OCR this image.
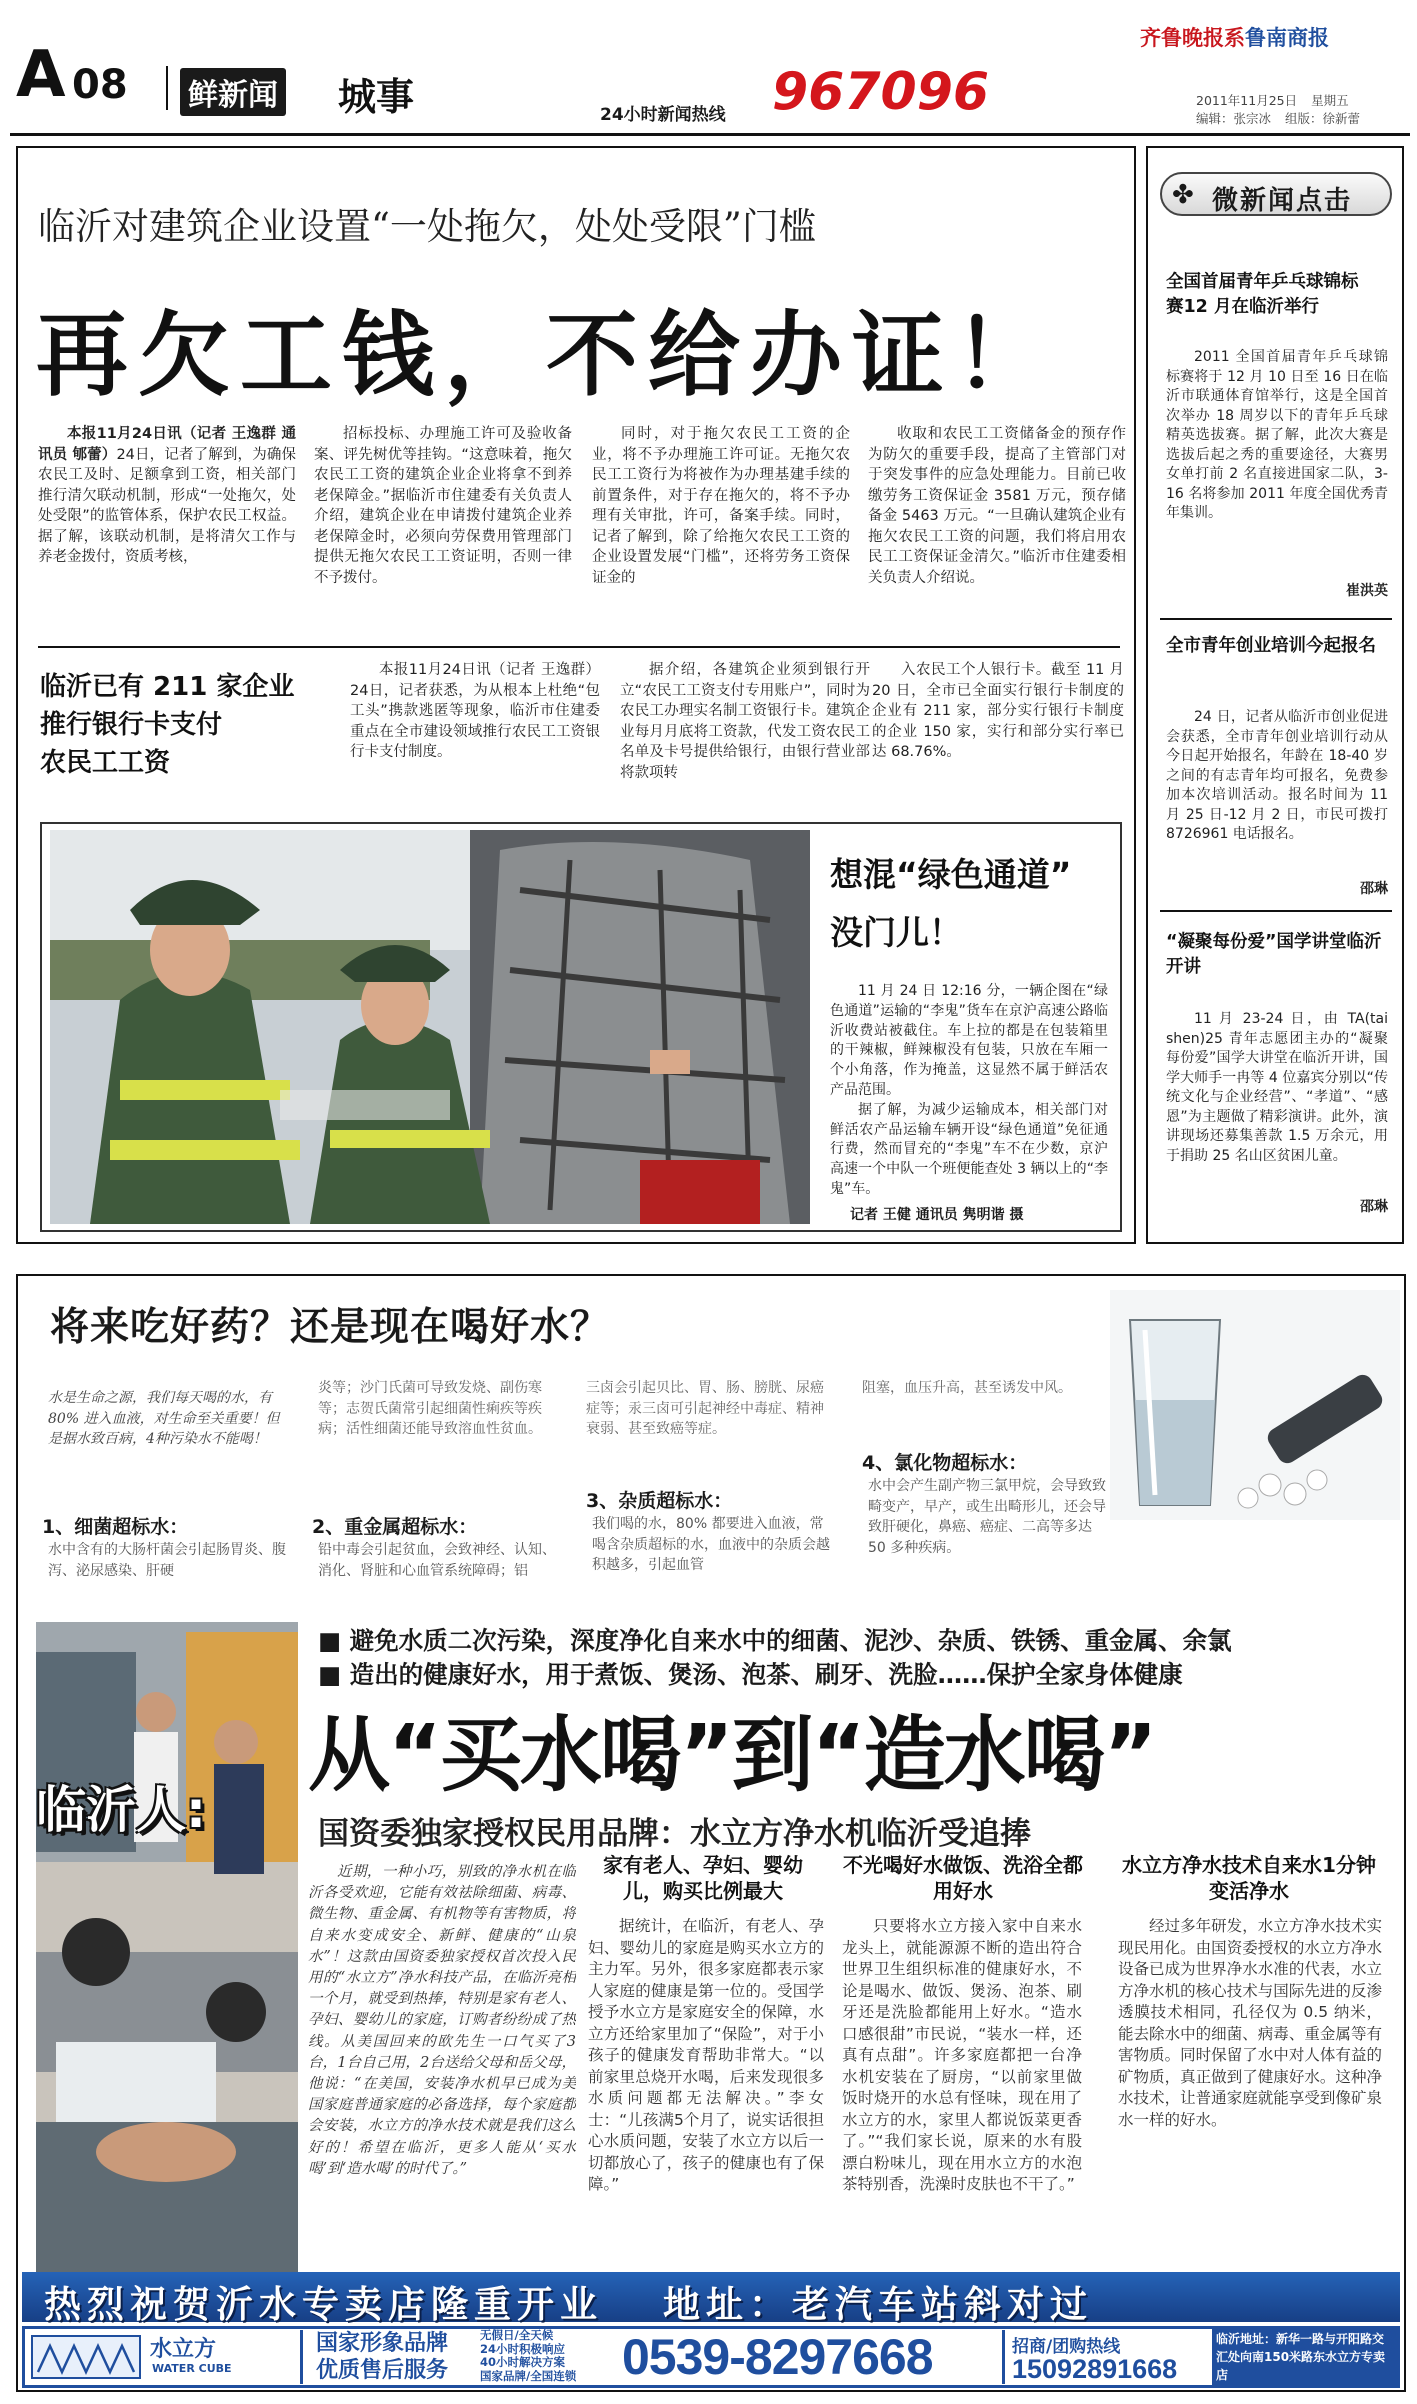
A 08 鲜新闻 城事	24小时新闻热线 967096
齐鲁晚报系鲁南商报
2011年11月25日 星期五
编辑：张宗冰 组版：徐新蕾
临沂对建筑企业设置“一处拖欠，处处受限”门槛
再欠工钱，不给办证！

本报11月24日讯（记者 王逸群 通讯员 郇蕾）24日，记者了解到，为确保农民工及时、足额拿到工资，相关部门推行清欠联动机制，形成“一处拖欠，处处受限”的监管体系，保护农民工权益。据了解，该联动机制，是将清欠工作与养老金拨付，资质考核，

招标投标、办理施工许可及验收备案、评先树优等挂钩。“这意味着，拖欠农民工工资的建筑企业企业将拿不到养老保障金。”据临沂市住建委有关负责人介绍，建筑企业在申请拨付建筑企业养老保障金时，必须向劳保费用管理部门提供无拖欠农民工工资证明，否则一律不予拨付。

同时，对于拖欠农民工工资的企业，将不予办理施工许可证。无拖欠农民工工资行为将被作为办理基建手续的前置条件，对于存在拖欠的，将不予办理有关审批，许可，备案手续。同时，记者了解到，除了给拖欠农民工工资的企业设置发展“门槛”，还将劳务工资保证金的

收取和农民工工资储备金的预存作为防欠的重要手段，提高了主管部门对于突发事件的应急处理能力。目前已收缴劳务工资保证金 3581 万元，预存储备金 5463 万元。“一旦确认建筑企业有拖欠农民工工资的问题，我们将启用农民工工资保证金清欠。”临沂市住建委相关负责人介绍说。

临沂已有 211 家企业
推行银行卡支付
农民工工资

本报11月24日讯（记者 王逸群）24日，记者获悉，为从根本上杜绝“包工头”携款逃匿等现象，临沂市住建委重点在全市建设领域推行农民工工资银行卡支付制度。

据介绍，各建筑企业须到银行开立“农民工工资支付专用账户”，同时为农民工办理实名制工资银行卡。建筑企业每月月底将工资款，代发工资农民工名单及卡号提供给银行，由银行营业部将款项转

入农民工个人银行卡。截至 11 月 20 日，全市已全面实行银行卡制度的企业有 211 家，部分实行银行卡制度的企业 150 家，实行和部分实行率已达 68.76%。

想混“绿色通道”
没门儿！

11 月 24 日 12:16 分，一辆企图在“绿色通道”运输的“李鬼”货车在京沪高速公路临沂收费站被截住。车上拉的都是在包装箱里的干辣椒，鲜辣椒没有包装，只放在车厢一个小角落，作为掩盖，这显然不属于鲜活农产品范围。

据了解，为减少运输成本，相关部门对鲜活农产品运输车辆开设“绿色通道”免征通行费，然而冒充的“李鬼”车不在少数，京沪高速一个中队一个班便能查处 3 辆以上的“李鬼”车。

记者 王健 通讯员 隽明谐 摄
✤ 微新闻点击
全国首届青年乒乓球锦标赛12 月在临沂举行

2011 全国首届青年乒乓球锦标赛将于 12 月 10 日至 16 日在临沂市联通体育馆举行，这是全国首次举办 18 周岁以下的青年乒乓球精英选拔赛。据了解，此次大赛是选拔后起之秀的重要途径，大赛男女单打前 2 名直接进国家二队，3-16 名将参加 2011 年度全国优秀青年集训。

崔洪英
全市青年创业培训今起报名

24 日，记者从临沂市创业促进会获悉，全市青年创业培训行动从今日起开始报名，年龄在 18-40 岁之间的有志青年均可报名，免费参加本次培训活动。报名时间为 11 月 25 日-12 月 2 日，市民可拨打 8726961 电话报名。

邵琳
“凝聚每份爱”国学讲堂临沂开讲

11 月 23-24 日，由 TA(tai shen)25 青年志愿团主办的“凝聚每份爱”国学大讲堂在临沂开讲，国学大师手一冉等 4 位嘉宾分别以“传统文化与企业经营”、“孝道”、“感恩”为主题做了精彩演讲。此外，演讲现场还募集善款 1.5 万余元，用于捐助 25 名山区贫困儿童。

邵琳
将来吃好药？还是现在喝好水？
水是生命之源，我们每天喝的水，有 80% 进入血液，对生命至关重要！但是据水致百病，4种污染水不能喝！
1、细菌超标水：
水中含有的大肠杆菌会引起肠胃炎、腹泻、泌尿感染、肝硬
炎等；沙门氏菌可导致发烧、副伤寒等；志贺氏菌常引起细菌性痢疾等疾病；活性细菌还能导致溶血性贫血。
2、重金属超标水：
铅中毒会引起贫血，会致神经、认知、消化、肾脏和心血管系统障碍；铝
三卤会引起贝比、胃、肠、膀胱、尿癌症等；汞三卤可引起神经中毒症、精神衰弱、甚至致癌等症。
3、杂质超标水：
我们喝的水，80% 都要进入血液，常喝含杂质超标的水，血液中的杂质会越积越多，引起血管
阻塞，血压升高，甚至诱发中风。
4、氯化物超标水：
水中会产生副产物三氯甲烷，会导致致畸变产，早产，或生出畸形儿，还会导致肝硬化，鼻癌、癌症、二高等多达 50 多种疾病。
临沂人:
■ 避免水质二次污染，深度净化自来水中的细菌、泥沙、杂质、铁锈、重金属、余氯
■ 造出的健康好水，用于煮饭、煲汤、泡茶、刷牙、洗脸……保护全家身体健康
从“买水喝”到“造水喝”
国资委独家授权民用品牌：水立方净水机临沂受追捧

近期，一种小巧，别致的净水机在临沂各受欢迎，它能有效祛除细菌、病毒、微生物、重金属、有机物等有害物质，将自来水变成安全、新鲜、健康的“山泉水”！这款由国资委独家授权首次投入民用的“水立方”净水科技产品，在临沂亮相一个月，就受到热捧，特别是家有老人、孕妇、婴幼儿的家庭，订购者纷纷成了热线。从美国回来的欧先生一口气买了3台，1台自己用，2台送给父母和岳父母，他说：“在美国，安装净水机早已成为美国家庭普通家庭的必备选择，每个家庭都会安装，水立方的净水技术就是我们这么好的！希望在临沂，更多人能从‘买水喝’到‘造水喝’的时代了。”

家有老人、孕妇、婴幼儿，购买比例最大

据统计，在临沂，有老人、孕妇、婴幼儿的家庭是购买水立方的主力军。另外，很多家庭都表示家人家庭的健康是第一位的。受国学授予水立方是家庭安全的保障，水立方还给家里加了“保险”，对于小孩子的健康发育帮助非常大。“以前家里总烧开水喝，后来发现很多水质问题都无法解决。”李女士：“儿孩满5个月了，说实话很担心水质问题，安装了水立方以后一切都放心了，孩子的健康也有了保障。”

不光喝好水做饭、洗浴全都用好水

只要将水立方接入家中自来水龙头上，就能源源不断的造出符合世界卫生组织标准的健康好水，不论是喝水、做饭、煲汤、泡茶、刷牙还是洗脸都能用上好水。“造水口感很甜”市民说，“装水一样，还真有点甜”。许多家庭都把一台净水机安装在了厨房，“以前家里做饭时烧开的水总有怪味，现在用了水立方的水，家里人都说饭菜更香了。”“我们家长说，原来的水有股漂白粉味儿，现在用水立方的水泡茶特别香，洗澡时皮肤也不干了。”

水立方净水技术自来水1分钟变活净水

经过多年研发，水立方净水技术实现民用化。由国资委授权的水立方净水设备已成为世界净水水准的代表，水立方净水机的核心技术与国际先进的反渗透膜技术相同，孔径仅为 0.5 纳米，能去除水中的细菌、病毒、重金属等有害物质。同时保留了水中对人体有益的矿物质，真正做到了健康好水。这种净水技术，让普通家庭就能享受到像矿泉水一样的好水。

热烈祝贺沂水专卖店隆重开业 地址：老汽车站斜对过
水立方
WATER CUBE
国家形象品牌
优质售后服务
无假日/全天候
24小时积极响应
40小时解决方案
国家品牌/全国连锁 0539-8297668	招商/团购热线
15092891668
临沂地址：新华一路与开阳路交汇处向南150米路东水立方专卖店
